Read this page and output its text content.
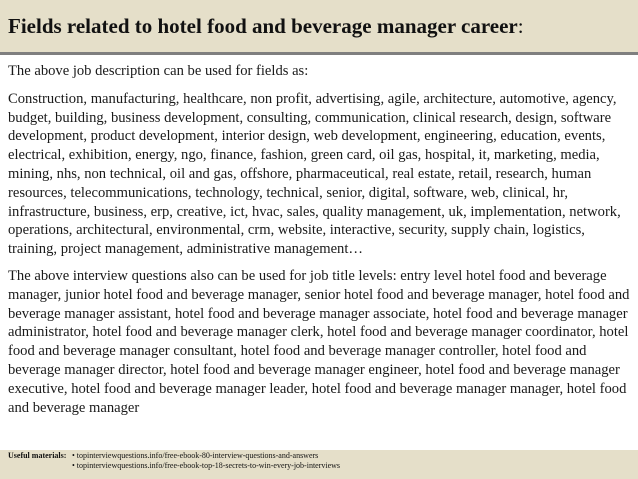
Fields related to hotel food and beverage manager career:

The above job description can be used for fields as:

Construction, manufacturing, healthcare, non profit, advertising, agile, architecture, automotive, agency, budget, building, business development, consulting, communication, clinical research, design, software development, product development, interior design, web development, engineering, education, events, electrical, exhibition, energy, ngo, finance, fashion, green card, oil gas, hospital, it, marketing, media, mining, nhs, non technical, oil and gas, offshore, pharmaceutical, real estate, retail, research, human resources, telecommunications, technology, technical, senior, digital, software, web, clinical, hr, infrastructure, business, erp, creative, ict, hvac, sales, quality management, uk, implementation, network, operations, architectural, environmental, crm, website, interactive, security, supply chain, logistics, training, project management, administrative management…

The above interview questions also can be used for job title levels: entry level hotel food and beverage manager, junior hotel food and beverage manager, senior hotel food and beverage manager, hotel food and beverage manager assistant, hotel food and beverage manager associate, hotel food and beverage manager administrator, hotel food and beverage manager clerk, hotel food and beverage manager coordinator, hotel food and beverage manager consultant, hotel food and beverage manager controller, hotel food and beverage manager director, hotel food and beverage manager engineer, hotel food and beverage manager executive, hotel food and beverage manager leader, hotel food and beverage manager manager, hotel food and beverage manager

Useful materials: • topinterviewquestions.info/free-ebook-80-interview-questions-and-answers
• topinterviewquestions.info/free-ebook-top-18-secrets-to-win-every-job-interviews
